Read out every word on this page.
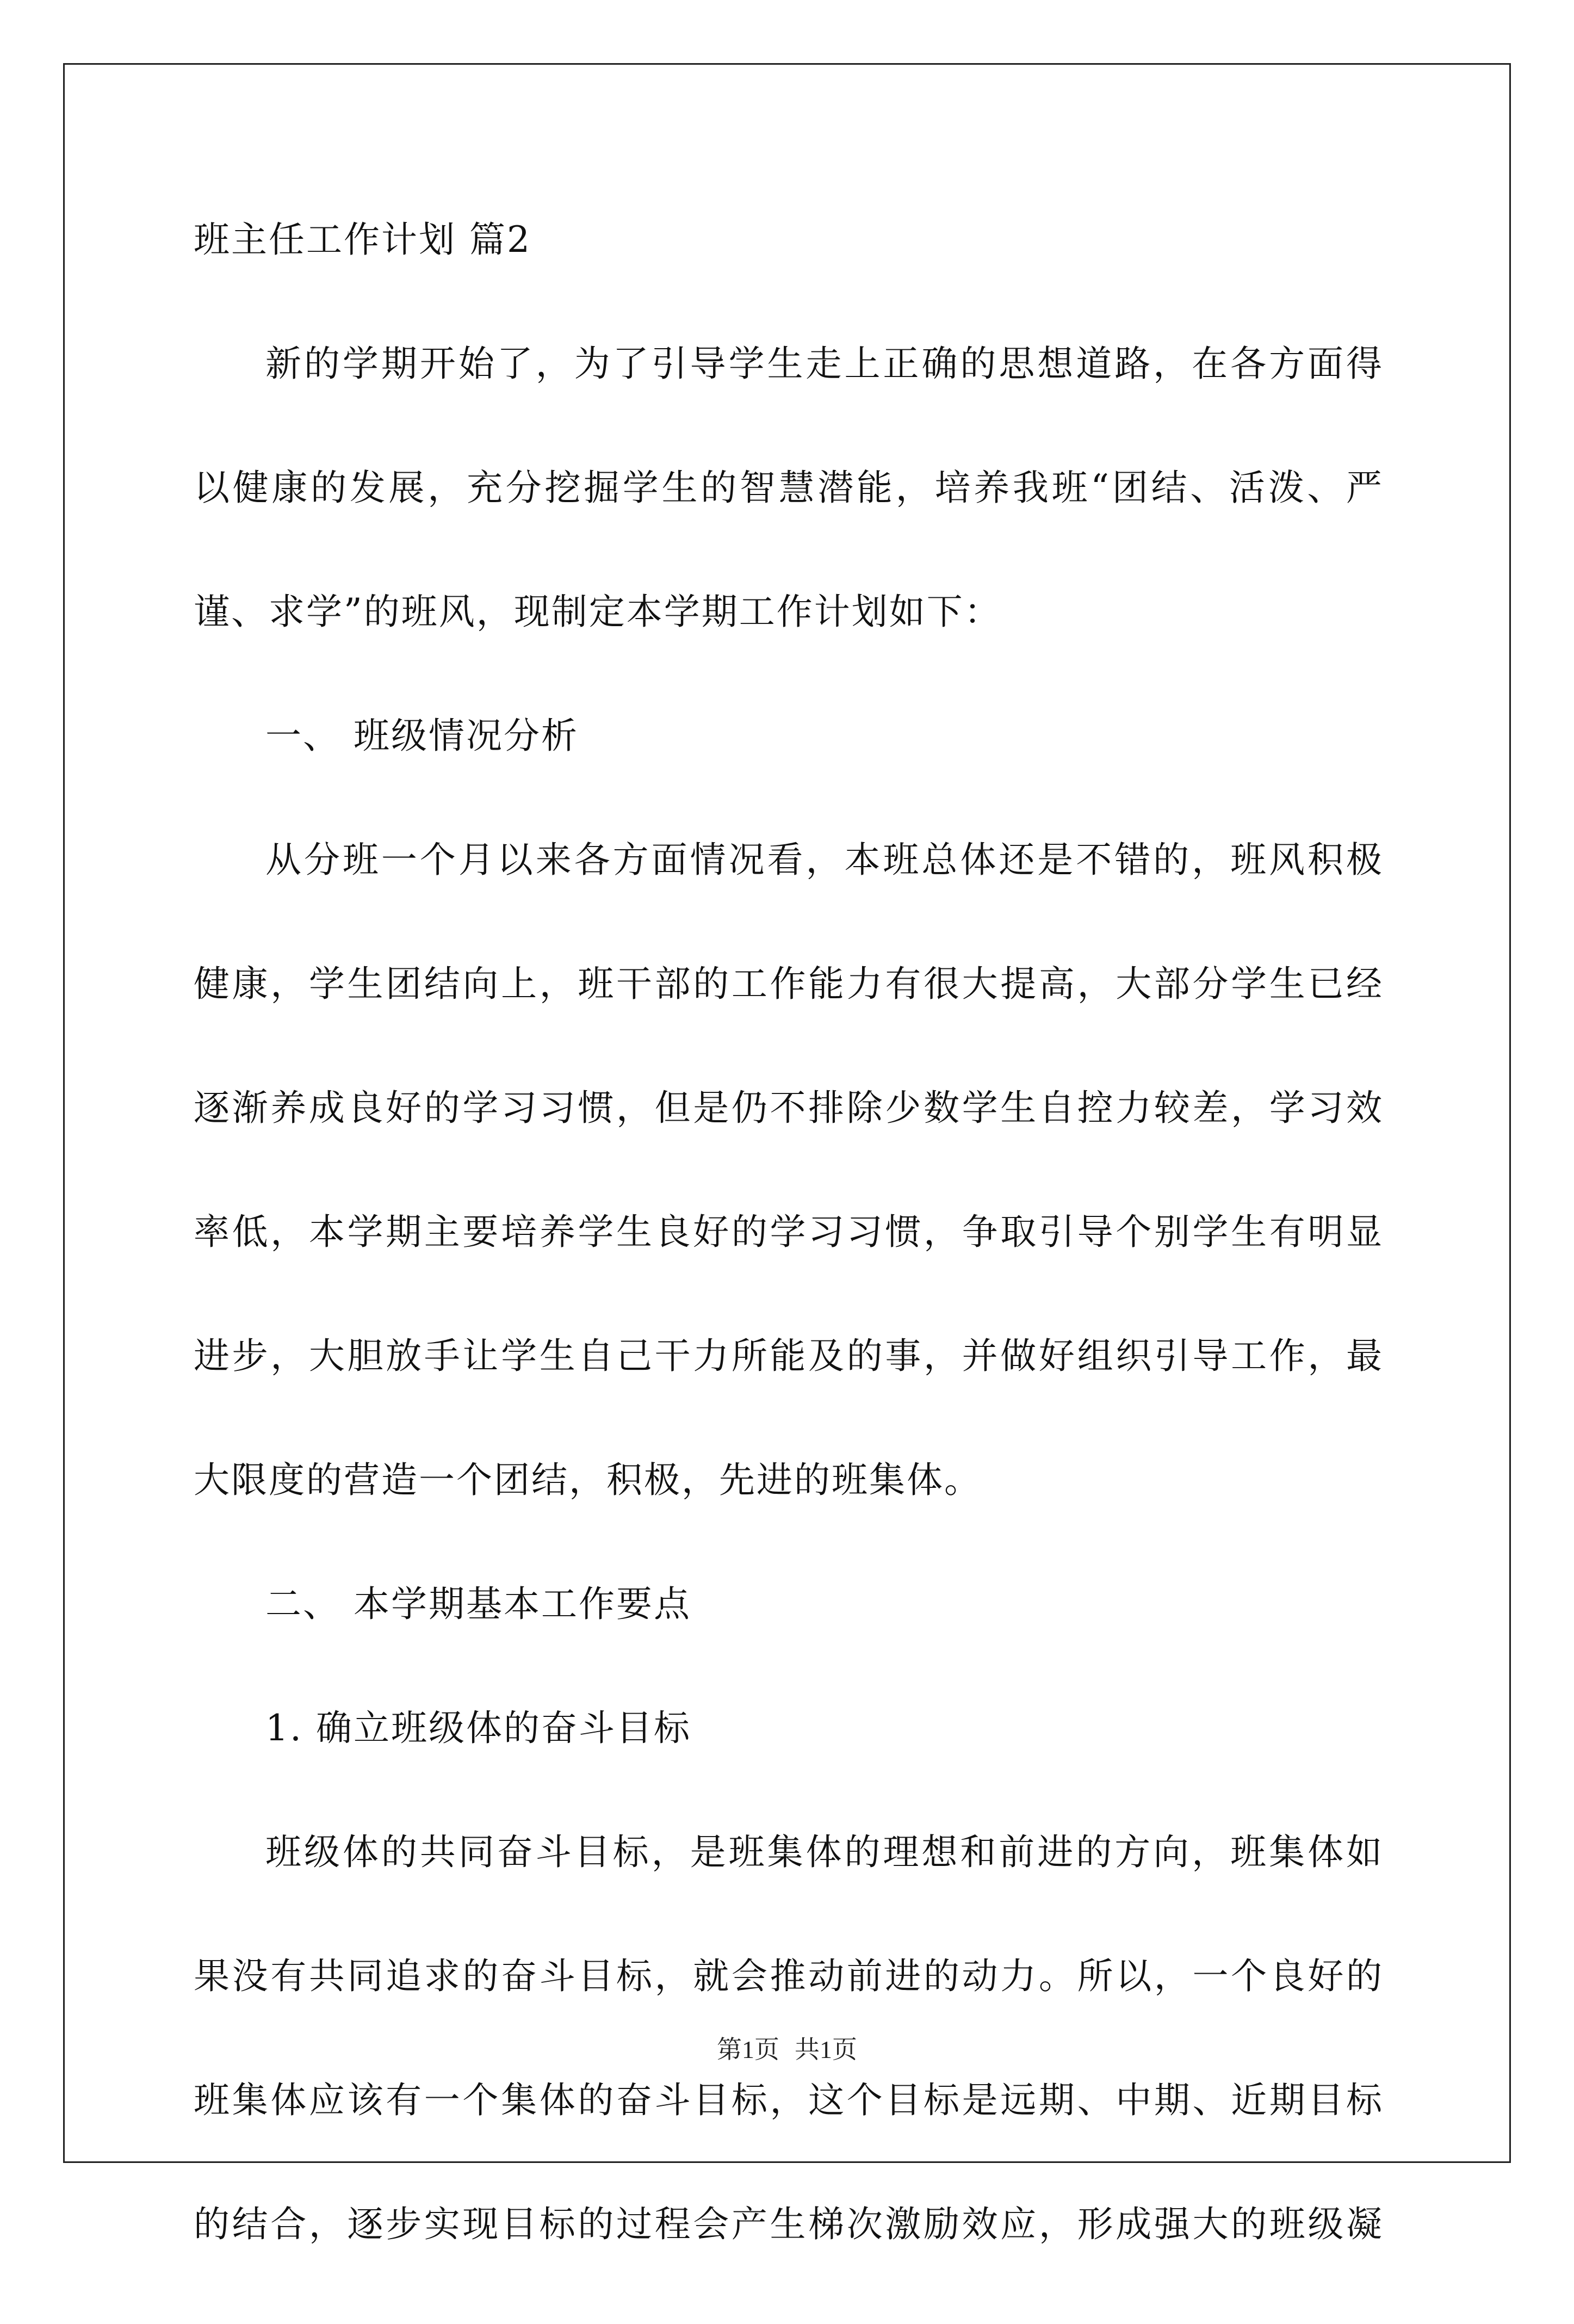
班主任工作计划 篇2
新的学期开始了，为了引导学生走上正确的思想道路，在各方面得
以健康的发展，充分挖掘学生的智慧潜能，培养我班“团结、活泼、严
谨、求学”的班风，现制定本学期工作计划如下：
一、 班级情况分析
从分班一个月以来各方面情况看，本班总体还是不错的，班风积极
健康，学生团结向上，班干部的工作能力有很大提高，大部分学生已经
逐渐养成良好的学习习惯，但是仍不排除少数学生自控力较差，学习效
率低，本学期主要培养学生良好的学习习惯，争取引导个别学生有明显
进步，大胆放手让学生自己干力所能及的事，并做好组织引导工作，最
大限度的营造一个团结，积极，先进的班集体。
二、 本学期基本工作要点
1. 确立班级体的奋斗目标
班级体的共同奋斗目标，是班集体的理想和前进的方向，班集体如
果没有共同追求的奋斗目标，就会推动前进的动力。所以，一个良好的
班集体应该有一个集体的奋斗目标，这个目标是远期、中期、近期目标
的结合，逐步实现目标的过程会产生梯次激励效应，形成强大的班级凝
第1页 共1页
